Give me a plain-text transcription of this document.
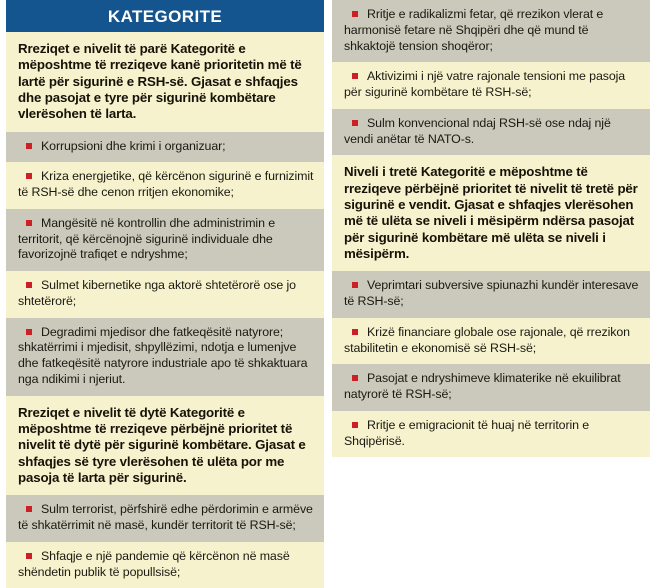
KATEGORITE
Rreziqet e nivelit të parë Kategoritë e mëposhtme të rreziqeve kanë prioritetin më të lartë për sigurinë e RSH-së. Gjasat e shfaqjes dhe pasojat e tyre për sigurinë kombëtare vlerësohen të larta.
Korrupsioni dhe krimi i organizuar;
Kriza energjetike, që kërcënon sigurinë e furnizimit të RSH-së dhe cenon rritjen ekonomike;
Mangësitë në kontrollin dhe administrimin e territorit, që kërcënojnë sigurinë individuale dhe favorizojnë trafiqet e ndryshme;
Sulmet kibernetike nga aktorë shtetërorë ose jo shtetërorë;
Degradimi mjedisor dhe fatkeqësitë natyrore; shkatërrimi i mjedisit, shpyllëzimi, ndotja e lumenjve dhe fatkeqësitë natyrore industriale apo të shkaktuara nga ndikimi i njeriut.
Rreziqet e nivelit të dytë Kategoritë e mëposhtme të rreziqeve përbëjnë prioritet të nivelit të dytë për sigurinë kombëtare. Gjasat e shfaqjes së tyre vlerësohen të ulëta por me pasoja të larta për sigurinë.
Sulm terrorist, përfshirë edhe përdorimin e armëve të shkatërrimit në masë, kundër territorit të RSH-së;
Shfaqje e një pandemie që kërcënon në masë shëndetin publik të popullsisë;
Rritje e radikalizmi fetar, që rrezikon vlerat e harmonisë fetare në Shqipëri dhe që mund të shkaktojë tension shoqëror;
Aktivizimi i një vatre rajonale tensioni me pasoja për sigurinë kombëtare të RSH-së;
Sulm konvencional ndaj RSH-së ose ndaj një vendi anëtar të NATO-s.
Niveli i tretë Kategoritë e mëposhtme të rreziqeve përbëjnë prioritet të nivelit të tretë për sigurinë e vendit. Gjasat e shfaqjes vlerësohen më të ulëta se niveli i mësipërm ndërsa pasojat për sigurinë kombëtare më ulëta se niveli i mësipërm.
Veprimtari subversive spiunazhi kundër interesave të RSH-së;
Krizë financiare globale ose rajonale, që rrezikon stabilitetin e ekonomisë së RSH-së;
Pasojat e ndryshimeve klimaterike në ekuilibrat natyrorë të RSH-së;
Rritje e emigracionit të huaj në territorin e Shqipërisë.
